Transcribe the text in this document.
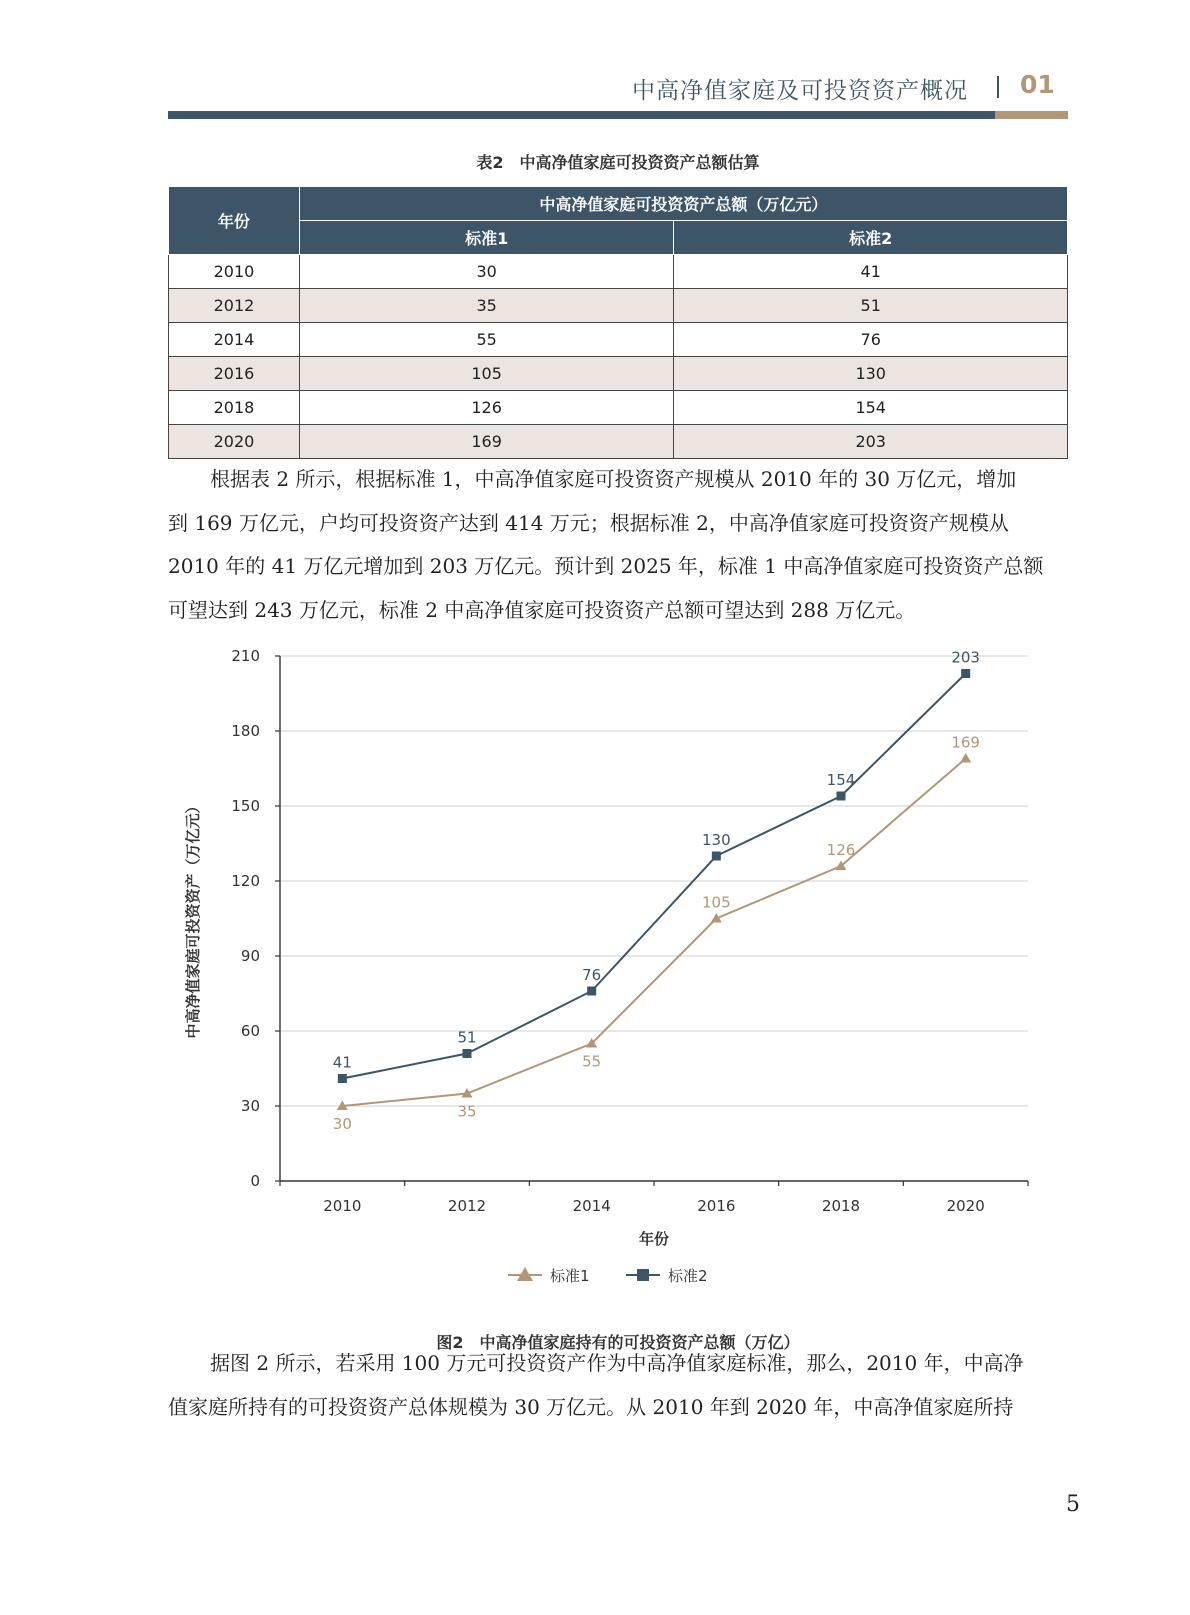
中高净值家庭及可投资资产概况 01
表2　中高净值家庭可投资资产总额估算
年份	中高净值家庭可投资资产总额（万亿元）	
	标准1	标准2
2010	30	41
2012	35	51
2014	55	76
2016	105	130
2018	126	154
2020	169	203
根据表 2 所示，根据标准 1，中高净值家庭可投资资产规模从 2010 年的 30 万亿元，增加
到 169 万亿元，户均可投资资产达到 414 万元；根据标准 2，中高净值家庭可投资资产规模从
2010 年的 41 万亿元增加到 203 万亿元。预计到 2025 年，标准 1 中高净值家庭可投资资产总额
可望达到 243 万亿元，标准 2 中高净值家庭可投资资产总额可望达到 288 万亿元。
0
30
60
90
120
150
180
210
2010	2012	2014	2016	2018	2020
年份
中高净值家庭可投资资产（万亿元）
30
35
55
105
126
169
41
51
76
130
154
203
标准1	标准2
图2　中高净值家庭持有的可投资资产总额（万亿）
据图 2 所示，若采用 100 万元可投资资产作为中高净值家庭标准，那么，2010 年，中高净
值家庭所持有的可投资资产总体规模为 30 万亿元。从 2010 年到 2020 年，中高净值家庭所持
5
